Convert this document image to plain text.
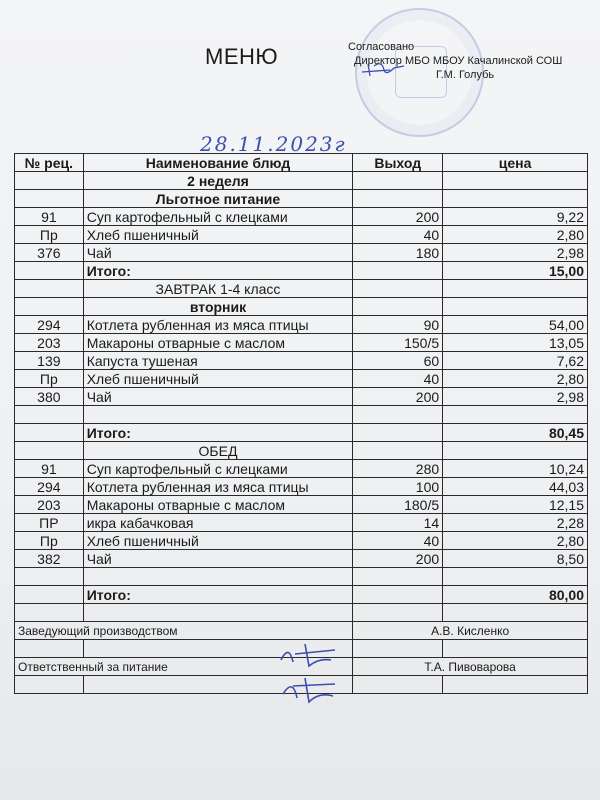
МЕНЮ	Согласовано
Директор МБО МБОУ Качалинской СОШ
Г.М. Голубь
28.11.2023г
№ рец.	Наименование блюд	Выход	цена
	2 неделя		
	Льготное питание		
91	Суп картофельный с клецками	200	9,22
Пр	Хлеб пшеничный	40	2,80
376	Чай	180	2,98
	Итого:		15,00
	ЗАВТРАК 1-4 класс		
	вторник		
294	Котлета рубленная из мяса птицы	90	54,00
203	Макароны отварные с маслом	150/5	13,05
139	Капуста тушеная	60	7,62
Пр	Хлеб пшеничный	40	2,80
380	Чай	200	2,98

	Итого:		80,45
	ОБЕД		
91	Суп картофельный с клецками	280	10,24
294	Котлета рубленная из мяса птицы	100	44,03
203	Макароны отварные с маслом	180/5	12,15
ПР	икра кабачковая	14	2,28
Пр	Хлеб пшеничный	40	2,80
382	Чай	200	8,50

	Итого:		80,00

Заведующий производством		А.В. Кисленко	

Ответственный за питание		Т.А. Пивоварова	
